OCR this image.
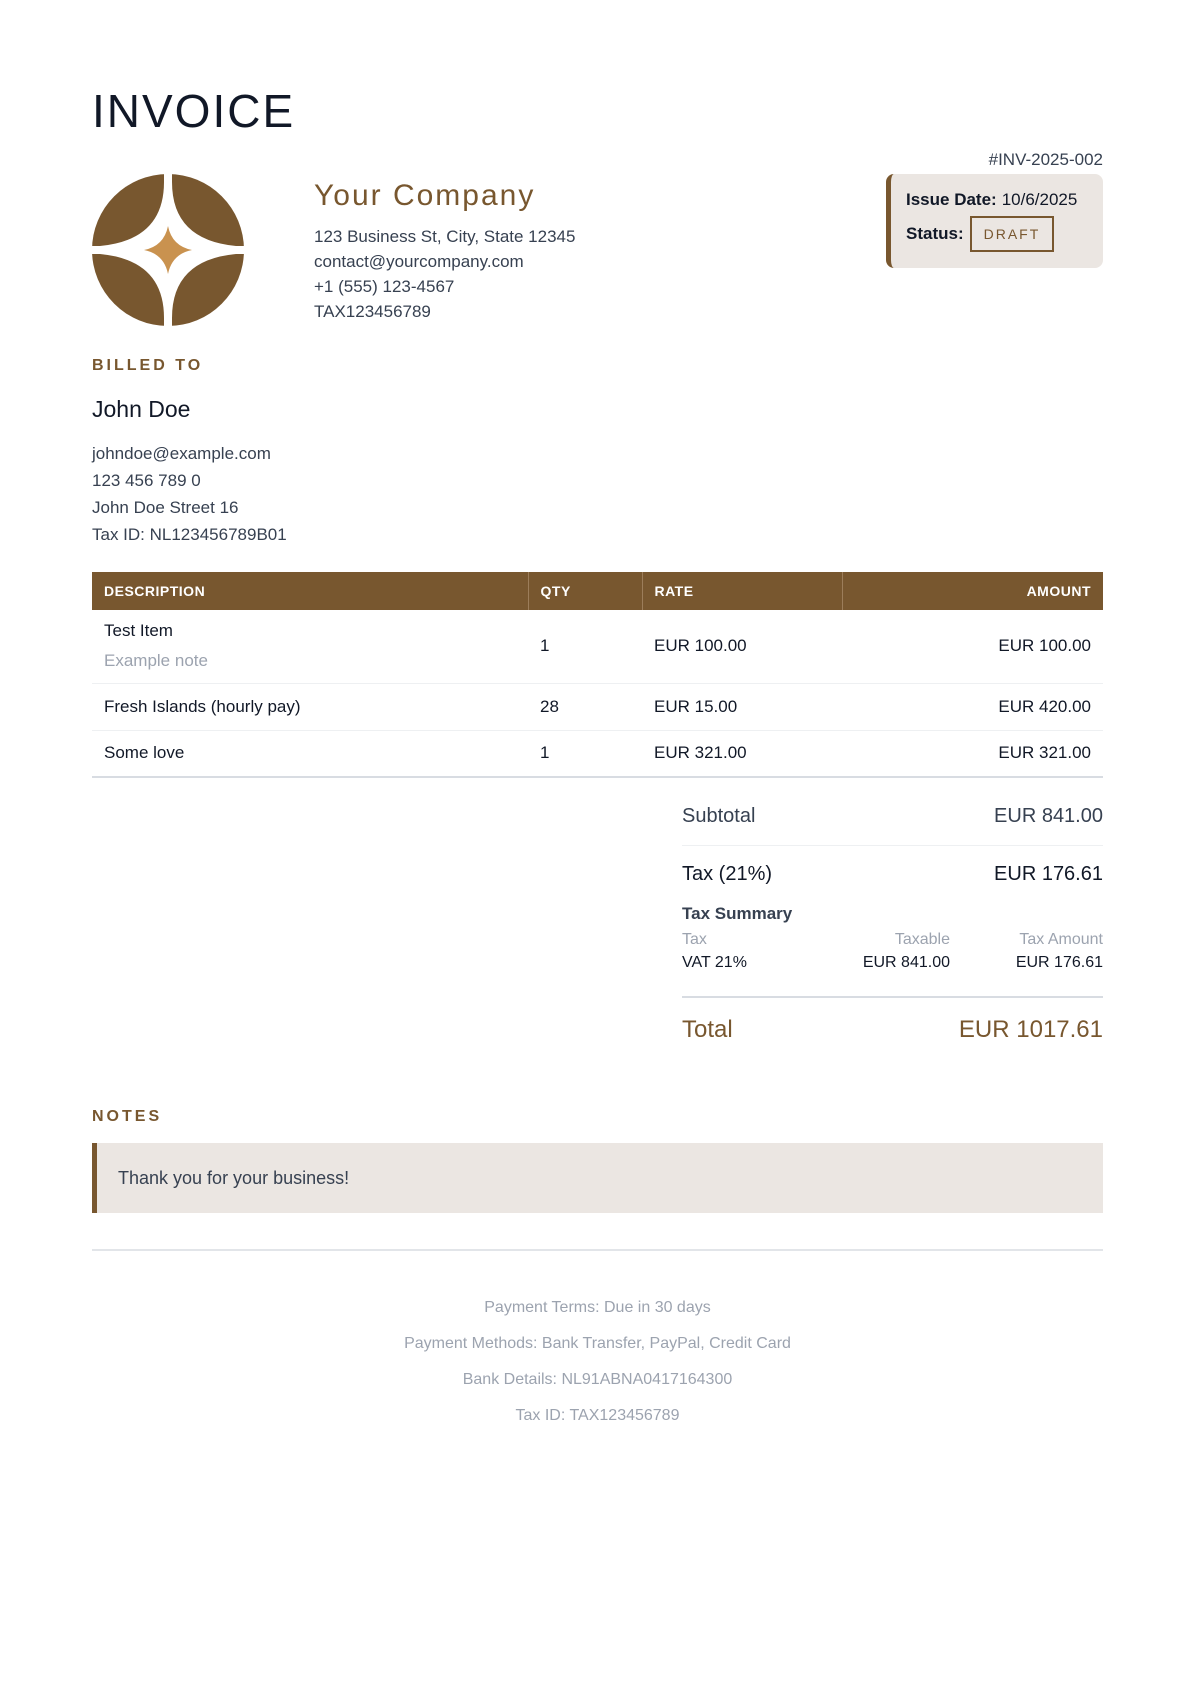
INVOICE
Your Company
123 Business St, City, State 12345
contact@yourcompany.com
+1 (555) 123-4567
TAX123456789
#INV-2025-002
Issue Date: 10/6/2025
Status:	DRAFT
BILLED TO
John Doe
johndoe@example.com
123 456 789 0
John Doe Street 16
Tax ID: NL123456789B01
DESCRIPTION	QTY	RATE	AMOUNT

Test Item
Example note	1	EUR 100.00	EUR 100.00
Fresh Islands (hourly pay)	28	EUR 15.00	EUR 420.00
Some love	1	EUR 321.00	EUR 321.00
Subtotal	EUR 841.00
Tax (21%)	EUR 176.61
Tax Summary
Tax	Taxable	Tax Amount
VAT 21%	EUR 841.00	EUR 176.61
Total	EUR 1017.61
NOTES
Thank you for your business!
Payment Terms: Due in 30 days
Payment Methods: Bank Transfer, PayPal, Credit Card
Bank Details: NL91ABNA0417164300
Tax ID: TAX123456789
